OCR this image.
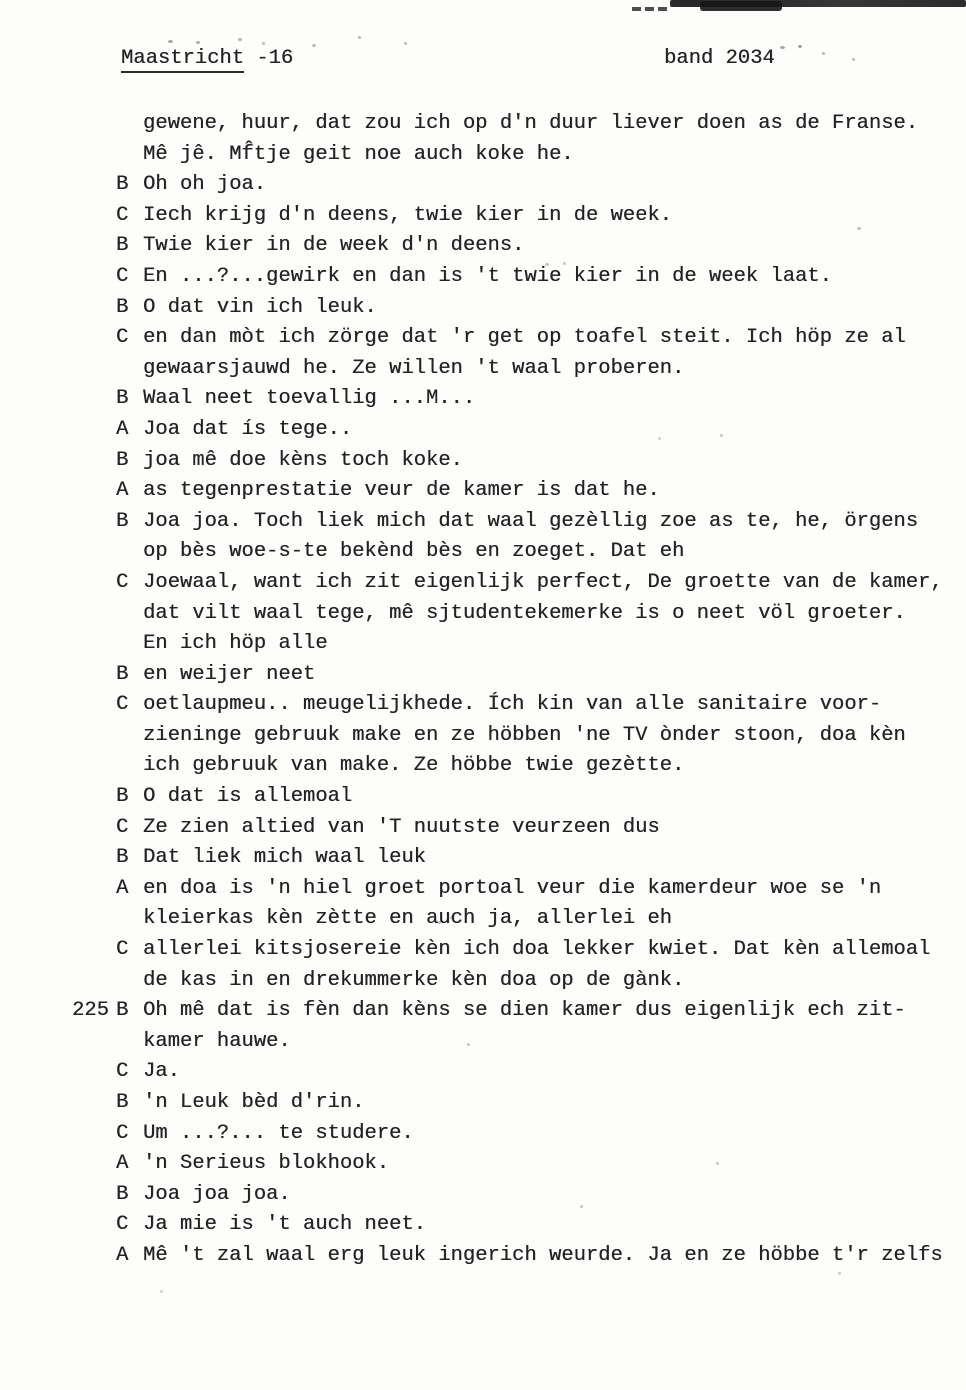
Maastricht -16	band 2034
gewene, huur, dat zou ich op d'n duur liever doen as de Franse.
Mê jê. Mf̂tje geit noe auch koke he.
B Oh oh joa.
C Iech krijg d'n deens, twie kier in de week.
B Twie kier in de week d'n deens.
C En ...?...gewirk en dan is 't twie kier in de week laat.
B O dat vin ich leuk.
C en dan mòt ich zörge dat 'r get op toafel steit. Ich höp ze al
gewaarsjauwd he. Ze willen 't waal proberen.
B Waal neet toevallig ...M...
A Joa dat ís tege..
B joa mê doe kèns toch koke.
A as tegenprestatie veur de kamer is dat he.
B Joa joa. Toch liek mich dat waal gezèllig zoe as te, he, örgens
op bès woe-s-te bekènd bès en zoeget. Dat eh
C Joewaal, want ich zit eigenlijk perfect, De groette van de kamer,
dat vilt waal tege, mê sjtudentekemerke is o neet völ groeter.
En ich höp alle
B en weijer neet
C oetlaupmeu.. meugelijkhede. Ích kin van alle sanitaire voor-
zieninge gebruuk make en ze höbben 'ne TV ònder stoon, doa kèn
ich gebruuk van make. Ze höbbe twie gezètte.
B O dat is allemoal
C Ze zien altied van 'T nuutste veurzeen dus
B Dat liek mich waal leuk
A en doa is 'n hiel groet portoal veur die kamerdeur woe se 'n
kleierkas kèn zètte en auch ja, allerlei eh
C allerlei kitsjosereie kèn ich doa lekker kwiet. Dat kèn allemoal
de kas in en drekummerke kèn doa op de gànk.
225 B Oh mê dat is fèn dan kèns se dien kamer dus eigenlijk ech zit-
kamer hauwe.
C Ja.
B 'n Leuk bèd d'rin.
C Um ...?... te studere.
A 'n Serieus blokhook.
B Joa joa joa.
C Ja mie is 't auch neet.
A Mê 't zal waal erg leuk ingerich weurde. Ja en ze höbbe t'r zelfs
